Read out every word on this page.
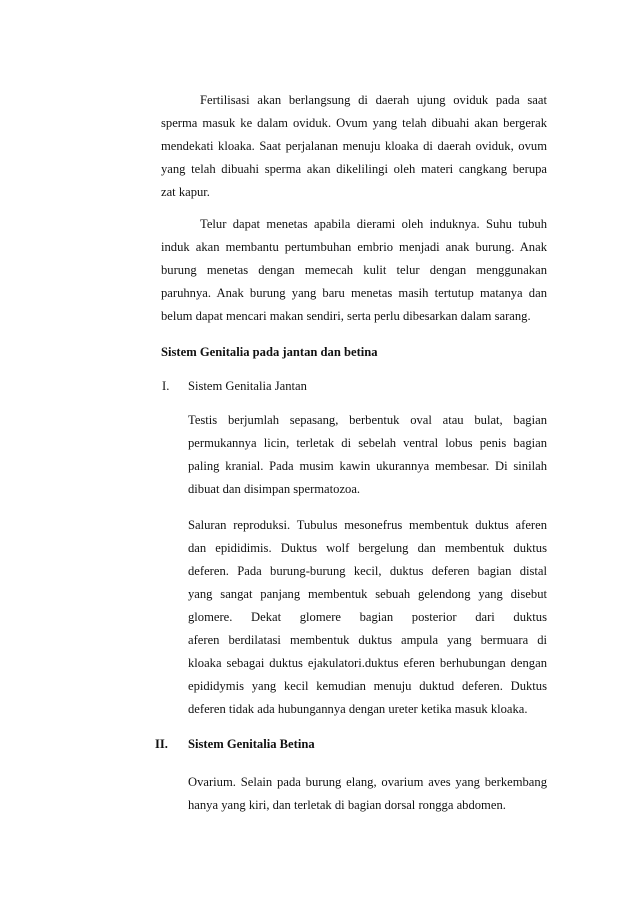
Fertilisasi akan berlangsung di daerah ujung oviduk pada saat

sperma masuk ke dalam oviduk. Ovum yang telah dibuahi akan bergerak

mendekati kloaka. Saat perjalanan menuju kloaka di daerah oviduk, ovum

yang telah dibuahi sperma akan dikelilingi oleh materi cangkang berupa

zat kapur.

Telur dapat menetas apabila dierami oleh induknya. Suhu tubuh

induk akan membantu pertumbuhan embrio menjadi anak burung. Anak

burung menetas dengan memecah kulit telur dengan menggunakan

paruhnya. Anak burung yang baru menetas masih tertutup matanya dan

belum dapat mencari makan sendiri, serta perlu dibesarkan dalam sarang.

Sistem Genitalia pada jantan dan betina

I. Sistem Genitalia Jantan

Testis berjumlah sepasang, berbentuk oval atau bulat, bagian

permukannya licin, terletak di sebelah ventral lobus penis bagian

paling kranial. Pada musim kawin ukurannya membesar. Di sinilah

dibuat dan disimpan spermatozoa.

Saluran reproduksi. Tubulus mesonefrus membentuk duktus aferen

dan epididimis. Duktus wolf bergelung dan membentuk duktus

deferen. Pada burung-burung kecil, duktus deferen bagian distal

yang sangat panjang membentuk sebuah gelendong yang disebut

glomere. Dekat glomere bagian posterior dari duktus

aferen berdilatasi membentuk duktus ampula yang bermuara di

kloaka sebagai duktus ejakulatori.duktus eferen berhubungan dengan

epididymis yang kecil kemudian menuju duktud deferen. Duktus

deferen tidak ada hubungannya dengan ureter ketika masuk kloaka.

II. Sistem Genitalia Betina

Ovarium. Selain pada burung elang, ovarium aves yang berkembang

hanya yang kiri, dan terletak di bagian dorsal rongga abdomen.
